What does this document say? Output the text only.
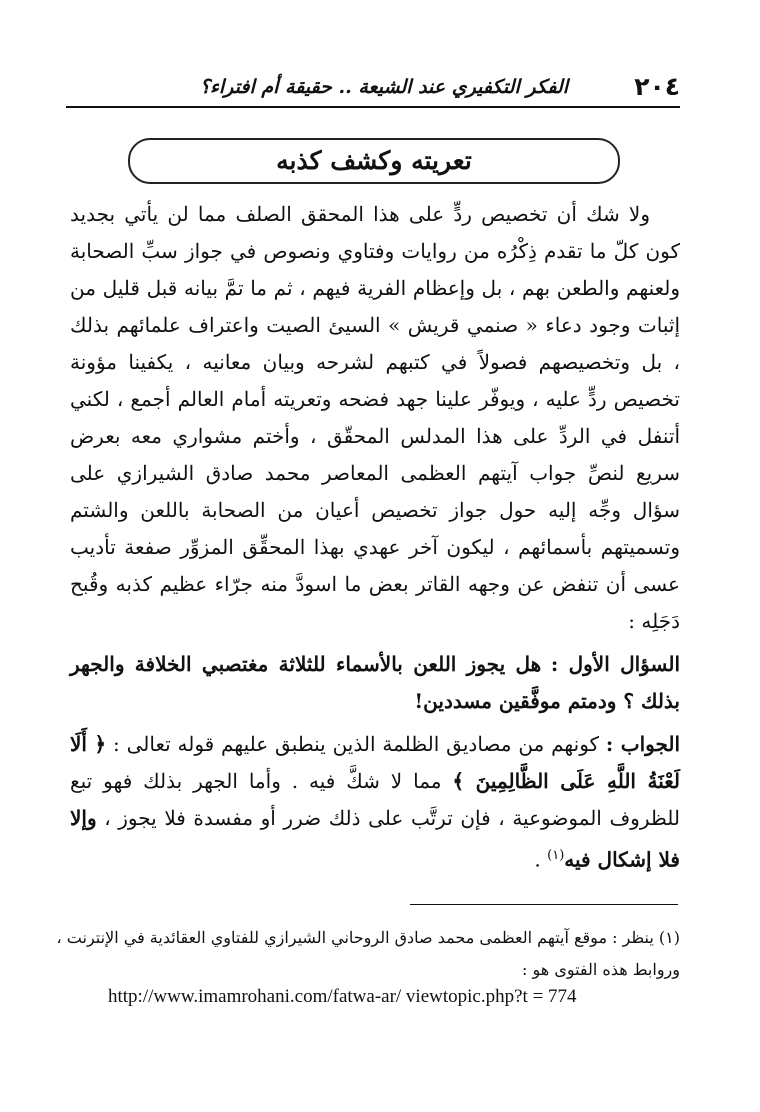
٢٠٤
الفكر التكفيري عند الشيعة .. حقيقة أم افتراء؟
تعريته وكشف كذبه

ولا شك أن تخصيص ردٍّ على هذا المحقق الصلف مما لن يأتي بجديد كون كلّ ما تقدم ذِكْرُه من روايات وفتاوي ونصوص في جواز سبِّ الصحابة ولعنهم والطعن بهم ، بل وإعظام الفرية فيهم ، ثم ما تمَّ بيانه قبل قليل من إثبات وجود دعاء « صنمي قريش » السيئ الصيت واعتراف علمائهم بذلك ، بل وتخصيصهم فصولاً في كتبهم لشرحه وبيان معانيه ، يكفينا مؤونة تخصيص ردٍّ عليه ، ويوفّر علينا جهد فضحه وتعريته أمام العالم أجمع ، لكني أتنفل في الردِّ على هذا المدلس المحقّق ، وأختم مشواري معه بعرض سريع لنصِّ جواب آيتهم العظمى المعاصر محمد صادق الشيرازي على سؤال وجِّه إليه حول جواز تخصيص أعيان من الصحابة باللعن والشتم وتسميتهم بأسمائهم ، ليكون آخر عهدي بهذا المحقِّق المزوِّر صفعة تأديب عسى أن تنفض عن وجهه القاتر بعض ما اسودَّ منه جرّاء عظيم كذبه وقُبح دَجَلِه :

السؤال الأول : هل يجوز اللعن بالأسماء للثلاثة مغتصبي الخلافة والجهر بذلك ؟ ودمتم موفَّقين مسددين!

الجواب : كونهم من مصاديق الظلمة الذين ينطبق عليهم قوله تعالى : ﴿ أَلَا لَعْنَةُ اللَّهِ عَلَى الظَّالِمِينَ ﴾ مما لا شكَّ فيه . وأما الجهر بذلك فهو تبع للظروف الموضوعية ، فإن ترتَّب على ذلك ضرر أو مفسدة فلا يجوز ، وإلا فلا إشكال فيه$^{(١)}$ .

(١) ينظر : موقع آيتهم العظمى محمد صادق الروحاني الشيرازي للفتاوي العقائدية في الإنترنت ، وروابط هذه الفتوى هو :

http://www.imamrohani.com/fatwa-ar/ viewtopic.php?t = 774
